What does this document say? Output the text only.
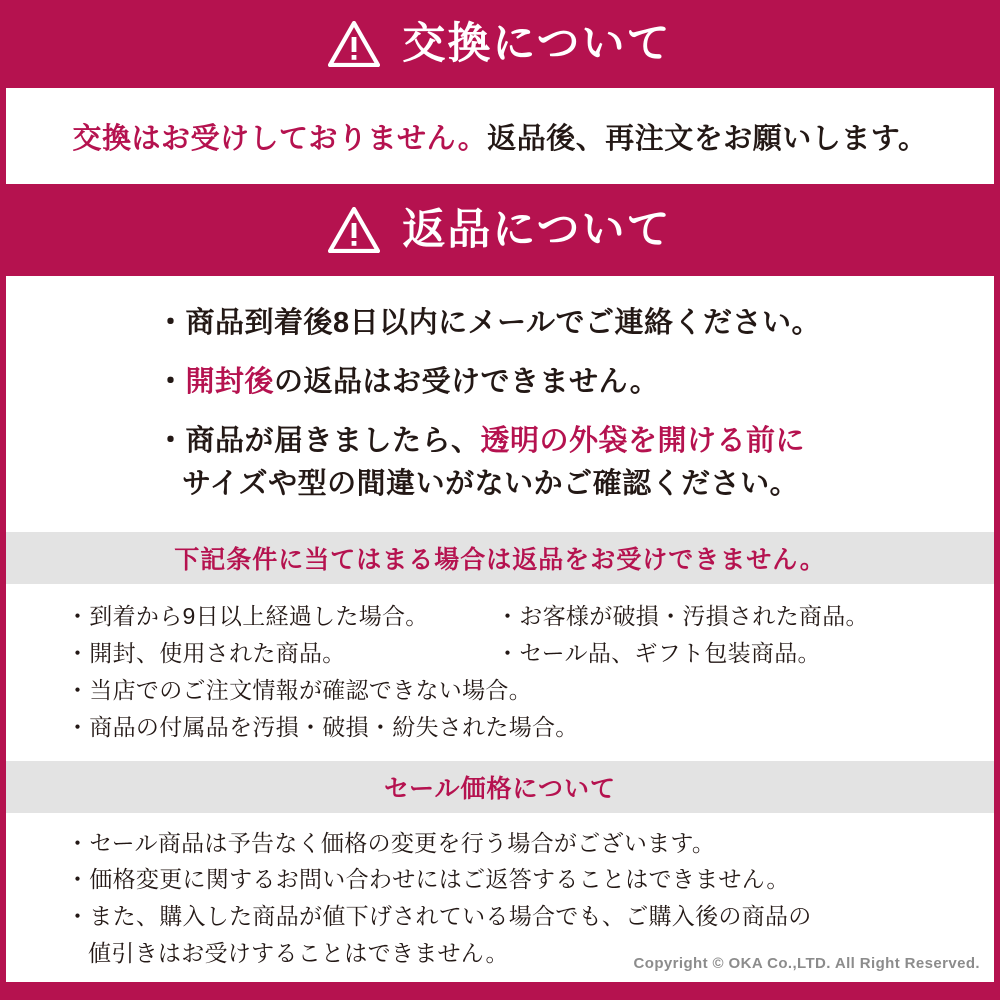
交換について
交換はお受けしておりません。返品後、再注文をお願いします。
返品について
・商品到着後8日以内にメールでご連絡ください。
・開封後の返品はお受けできません。
・商品が届きましたら、透明の外袋を開ける前に
サイズや型の間違いがないかご確認ください。
下記条件に当てはまる場合は返品をお受けできません。
・到着から9日以上経過した場合。
・開封、使用された商品。
・当店でのご注文情報が確認できない場合。
・商品の付属品を汚損・破損・紛失された場合。
・お客様が破損・汚損された商品。
・セール品、ギフト包装商品。
セール価格について
・セール商品は予告なく価格の変更を行う場合がございます。
・価格変更に関するお問い合わせにはご返答することはできません。
・また、購入した商品が値下げされている場合でも、ご購入後の商品の
値引きはお受けすることはできません。	Copyright © OKA Co.,LTD. All Right Reserved.
